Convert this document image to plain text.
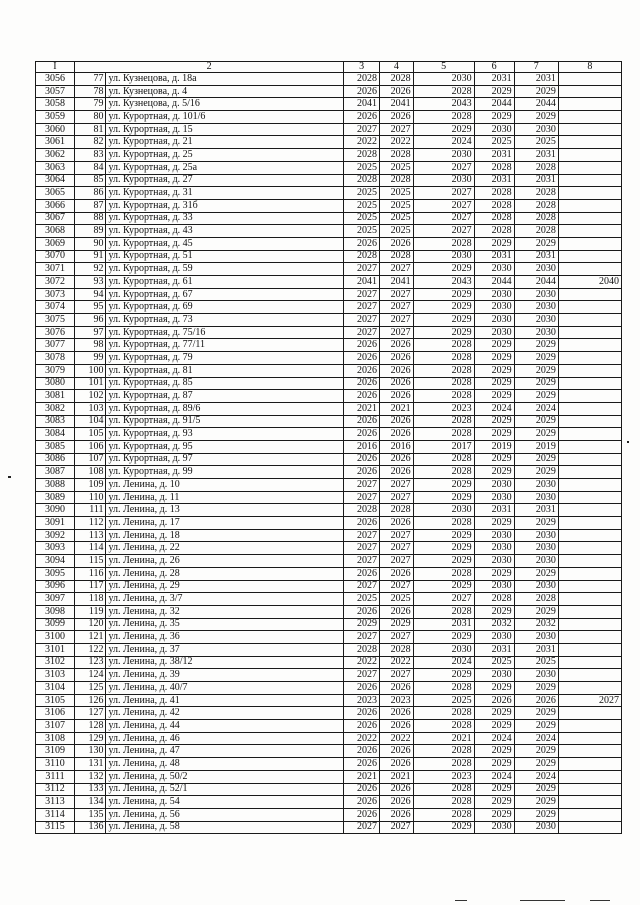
I	2		3	4	5	6	7	8
3056	77	ул. Кузнецова, д. 18а	2028	2028	2030	2031	2031	
3057	78	ул. Кузнецова, д. 4	2026	2026	2028	2029	2029	
3058	79	ул. Кузнецова, д. 5/16	2041	2041	2043	2044	2044	
3059	80	ул. Курортная, д. 101/6	2026	2026	2028	2029	2029	
3060	81	ул. Курортная, д. 15	2027	2027	2029	2030	2030	
3061	82	ул. Курортная, д. 21	2022	2022	2024	2025	2025	
3062	83	ул. Курортная, д. 25	2028	2028	2030	2031	2031	
3063	84	ул. Курортная, д. 25а	2025	2025	2027	2028	2028	
3064	85	ул. Курортная, д. 27	2028	2028	2030	2031	2031	
3065	86	ул. Курортная, д. 31	2025	2025	2027	2028	2028	
3066	87	ул. Курортная, д. 31б	2025	2025	2027	2028	2028	
3067	88	ул. Курортная, д. 33	2025	2025	2027	2028	2028	
3068	89	ул. Курортная, д. 43	2025	2025	2027	2028	2028	
3069	90	ул. Курортная, д. 45	2026	2026	2028	2029	2029	
3070	91	ул. Курортная, д. 51	2028	2028	2030	2031	2031	
3071	92	ул. Курортная, д. 59	2027	2027	2029	2030	2030	
3072	93	ул. Курортная, д. 61	2041	2041	2043	2044	2044	2040
3073	94	ул. Курортная, д. 67	2027	2027	2029	2030	2030	
3074	95	ул. Курортная, д. 69	2027	2027	2029	2030	2030	
3075	96	ул. Курортная, д. 73	2027	2027	2029	2030	2030	
3076	97	ул. Курортная, д. 75/16	2027	2027	2029	2030	2030	
3077	98	ул. Курортная, д. 77/11	2026	2026	2028	2029	2029	
3078	99	ул. Курортная, д. 79	2026	2026	2028	2029	2029	
3079	100	ул. Курортная, д. 81	2026	2026	2028	2029	2029	
3080	101	ул. Курортная, д. 85	2026	2026	2028	2029	2029	
3081	102	ул. Курортная, д. 87	2026	2026	2028	2029	2029	
3082	103	ул. Курортная, д. 89/6	2021	2021	2023	2024	2024	
3083	104	ул. Курортная, д. 91/5	2026	2026	2028	2029	2029	
3084	105	ул. Курортная, д. 93	2026	2026	2028	2029	2029	
3085	106	ул. Курортная, д. 95	2016	2016	2017	2019	2019	
3086	107	ул. Курортная, д. 97	2026	2026	2028	2029	2029	
3087	108	ул. Курортная, д. 99	2026	2026	2028	2029	2029	
3088	109	ул. Ленина, д. 10	2027	2027	2029	2030	2030	
3089	110	ул. Ленина, д. 11	2027	2027	2029	2030	2030	
3090	111	ул. Ленина, д. 13	2028	2028	2030	2031	2031	
3091	112	ул. Ленина, д. 17	2026	2026	2028	2029	2029	
3092	113	ул. Ленина, д. 18	2027	2027	2029	2030	2030	
3093	114	ул. Ленина, д. 22	2027	2027	2029	2030	2030	
3094	115	ул. Ленина, д. 26	2027	2027	2029	2030	2030	
3095	116	ул. Ленина, д. 28	2026	2026	2028	2029	2029	
3096	117	ул. Ленина, д. 29	2027	2027	2029	2030	2030	
3097	118	ул. Ленина, д. 3/7	2025	2025	2027	2028	2028	
3098	119	ул. Ленина, д. 32	2026	2026	2028	2029	2029	
3099	120	ул. Ленина, д. 35	2029	2029	2031	2032	2032	
3100	121	ул. Ленина, д. 36	2027	2027	2029	2030	2030	
3101	122	ул. Ленина, д. 37	2028	2028	2030	2031	2031	
3102	123	ул. Ленина, д. 38/12	2022	2022	2024	2025	2025	
3103	124	ул. Ленина, д. 39	2027	2027	2029	2030	2030	
3104	125	ул. Ленина, д. 40/7	2026	2026	2028	2029	2029	
3105	126	ул. Ленина, д. 41	2023	2023	2025	2026	2026	2027
3106	127	ул. Ленина, д. 42	2026	2026	2028	2029	2029	
3107	128	ул. Ленина, д. 44	2026	2026	2028	2029	2029	
3108	129	ул. Ленина, д. 46	2022	2022	2021	2024	2024	
3109	130	ул. Ленина, д. 47	2026	2026	2028	2029	2029	
3110	131	ул. Ленина, д. 48	2026	2026	2028	2029	2029	
3111	132	ул. Ленина, д. 50/2	2021	2021	2023	2024	2024	
3112	133	ул. Ленина, д. 52/1	2026	2026	2028	2029	2029	
3113	134	ул. Ленина, д. 54	2026	2026	2028	2029	2029	
3114	135	ул. Ленина, д. 56	2026	2026	2028	2029	2029	
3115	136	ул. Ленина, д. 58	2027	2027	2029	2030	2030	
